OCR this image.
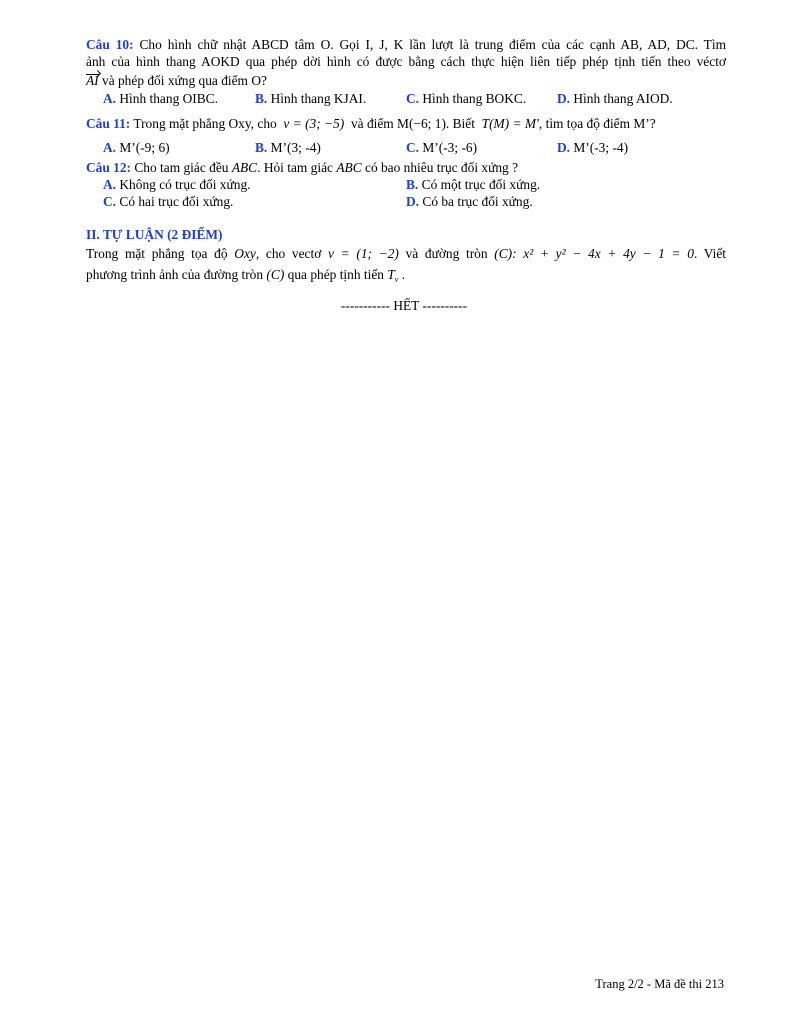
Câu 10: Cho hình chữ nhật ABCD tâm O. Gọi I, J, K lần lượt là trung điểm của các cạnh AB, AD, DC. Tìm
ảnh của hình thang AOKD qua phép dời hình có được bằng cách thực hiện liên tiếp phép tịnh tiến theo véctơ
AI và phép đối xứng qua điểm O?
A. Hình thang OIBC.	B. Hình thang KJAI.	C. Hình thang BOKC. D. Hình thang AIOD.
Câu 11: Trong mặt phẳng Oxy, cho v = (3; −5) và điểm M(−6; 1). Biết T(M) = M', tìm tọa độ điểm M’?
A. M’(-9; 6)	B. M’(3; -4)	C. M’(-3; -6)	D. M’(-3; -4)
Câu 12: Cho tam giác đều ABC. Hỏi tam giác ABC có bao nhiêu trục đối xứng ?
A. Không có trục đối xứng.	B. Có một trục đối xứng.
C. Có hai trục đối xứng.	D. Có ba trục đối xứng.
II. TỰ LUẬN (2 ĐIỂM)
Trong mặt phẳng tọa độ Oxy, cho vectơ v = (1; −2) và đường tròn (C): x² + y² − 4x + 4y − 1 = 0. Viết
phương trình ảnh của đường tròn (C) qua phép tịnh tiến $T_v$ .
----------- HẾT ----------
Trang 2/2 - Mã đề thi 213
